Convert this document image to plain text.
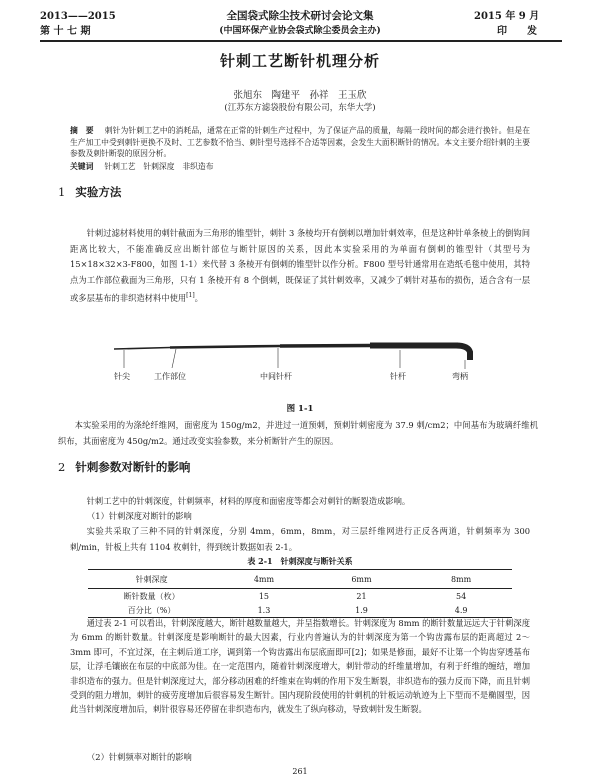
2013——2015
第 十 七 期
全国袋式除尘技术研讨会论文集
(中国环保产业协会袋式除尘委员会主办)
2015 年 9 月
印　　发
针刺工艺断针机理分析
张旭东　陶建平　孙祥　王玉欣
(江苏东方滤袋股份有限公司，东华大学)
摘　要 刺针为针刺工艺中的消耗品，通常在正常的针刺生产过程中，为了保证产品的质量，每隔一段时间的都会进行换针。但是在生产加工中受到刺针更换不及时、工艺参数不恰当、刺针型号选择不合适等因素，会发生大面积断针的情况。本文主要介绍针刺的主要参数及刺针断裂的原因分析。
关键词 针刺工艺　针刺深度　非织造布
1 实验方法

针刺过滤材料使用的刺针截面为三角形的锥型针，刺针 3 条棱均开有倒刺以增加针刺效率，但是这种针单条棱上的倒钩间距离比较大，不能准确反应出断针部位与断针原因的关系，因此本实验采用的为单面有倒刺的锥型针（其型号为 15×18×32×3-F800，如图 1-1）来代替 3 条棱开有倒刺的锥型针以作分析。F800 型号针通常用在造纸毛毯中使用，其特点为工作部位截面为三角形，只有 1 条棱开有 8 个倒刺，既保证了其针刺效率，又减少了刺针对基布的损伤，适合含有一层或多层基布的非织造材料中使用[1]。

针尖	工作部位	中间针杆	针杆	弯柄
图 1-1

本实验采用的为涤纶纤维网，面密度为 150g/m2，并进过一道预刺，预刺针刺密度为 37.9 刺/cm2；中间基布为玻璃纤维机织布，其面密度为 450g/m2。通过改变实验参数，来分析断针产生的原因。

2 针刺参数对断针的影响

针刺工艺中的针刺深度，针刺频率，材料的厚度和面密度等都会对刺针的断裂造成影响。

（1）针刺深度对断针的影响

实验共采取了三种不同的针刺深度，分别 4mm，6mm，8mm，对三层纤维网进行正反各两道，针刺频率为 300 刺/min，针板上共有 1104 枚刺针，得到统计数据如表 2-1。

表 2-1　针刺深度与断针关系
针刺深度	4mm	6mm	8mm
断针数量（枚）	15	21	54
百分比（%）	1.3	1.9	4.9

通过表 2-1 可以看出，针刺深度越大，断针越数量越大，并呈指数增长。针刺深度为 8mm 的断针数量远远大于针刺深度为 6mm 的断针数量。针刺深度是影响断针的最大因素，行业内普遍认为的针刺深度为第一个钩齿露布层的距离超过 2～3mm 即可，不宜过深，在主刺后道工序，调到第一个钩齿露出布层底面即可[2]；如果是修面，最好不让第一个钩齿穿透基布层，让浮毛镶嵌在布层的中底部为佳。在一定范围内，随着针刺深度增大，刺针带动的纤维量增加，有利于纤维的缠结，增加非织造布的强力。但是针刺深度过大，部分移动困难的纤维束在钩刺的作用下发生断裂，非织造布的强力反而下降，而且针刺受到的阻力增加，刺针的疲劳度增加后很容易发生断针。国内现阶段使用的针刺机的针板运动轨迹为上下型而不是椭圆型，因此当针刺深度增加后，刺针很容易还停留在非织造布内，就发生了纵向移动，导致刺针发生断裂。

（2）针刺频率对断针的影响
261
